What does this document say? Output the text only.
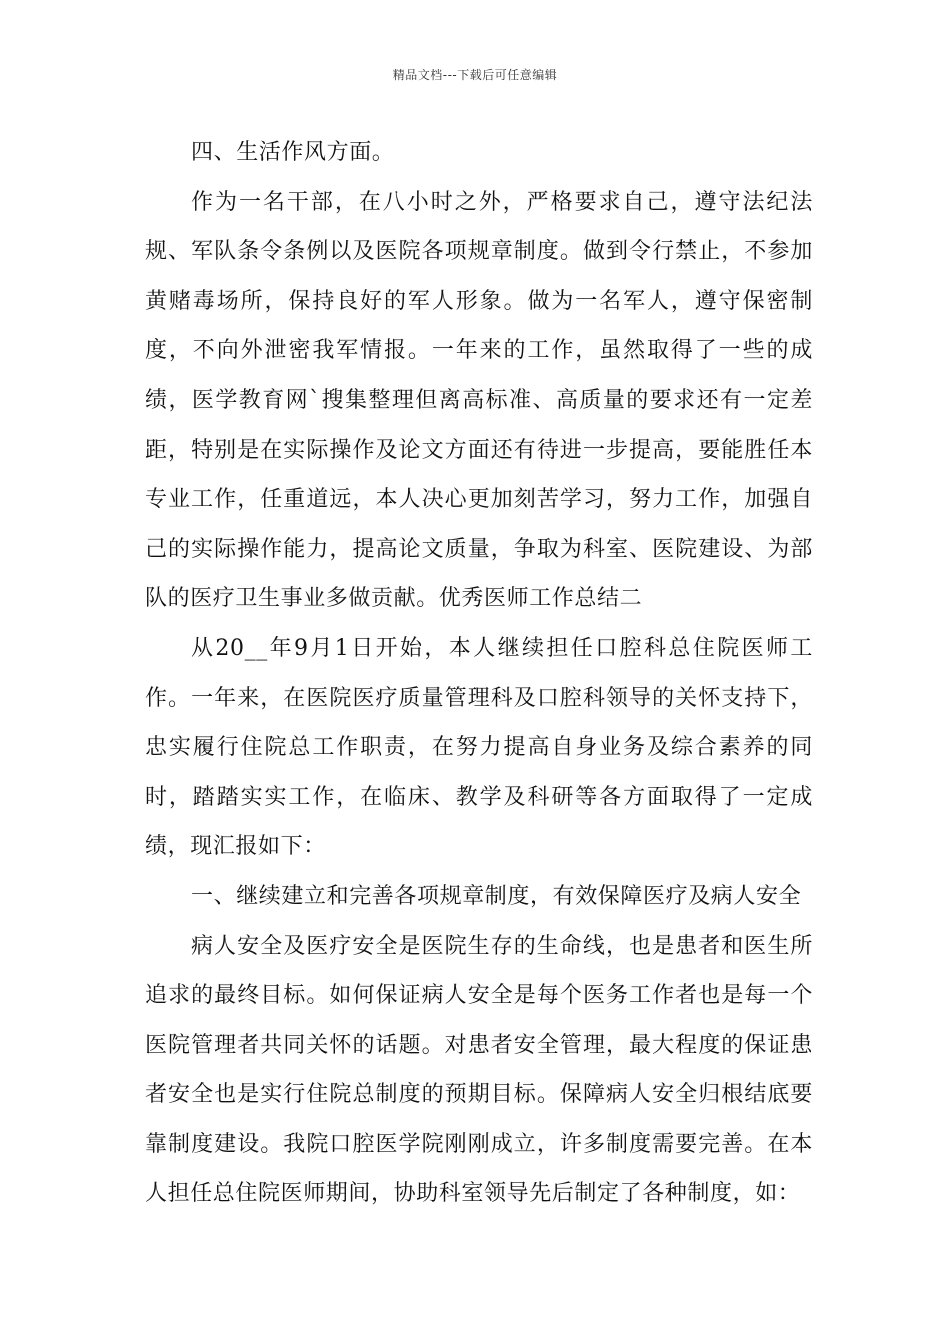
精品文档---下载后可任意编辑

四、生活作风方面。

作为一名干部，在八小时之外，严格要求自己，遵守法纪法规、军队条令条例以及医院各项规章制度。做到令行禁止，不参加黄赌毒场所，保持良好的军人形象。做为一名军人，遵守保密制度，不向外泄密我军情报。一年来的工作，虽然取得了一些的成绩，医学教育网`搜集整理但离高标准、高质量的要求还有一定差距，特别是在实际操作及论文方面还有待进一步提高，要能胜任本专业工作，任重道远，本人决心更加刻苦学习，努力工作，加强自己的实际操作能力，提高论文质量，争取为科室、医院建设、为部队的医疗卫生事业多做贡献。优秀医师工作总结二

从20__年9月1日开始，本人继续担任口腔科总住院医师工作。一年来，在医院医疗质量管理科及口腔科领导的关怀支持下，忠实履行住院总工作职责，在努力提高自身业务及综合素养的同时，踏踏实实工作，在临床、教学及科研等各方面取得了一定成绩，现汇报如下：

一、继续建立和完善各项规章制度，有效保障医疗及病人安全

病人安全及医疗安全是医院生存的生命线，也是患者和医生所追求的最终目标。如何保证病人安全是每个医务工作者也是每一个医院管理者共同关怀的话题。对患者安全管理，最大程度的保证患者安全也是实行住院总制度的预期目标。保障病人安全归根结底要靠制度建设。我院口腔医学院刚刚成立，许多制度需要完善。在本人担任总住院医师期间，协助科室领导先后制定了各种制度，如：
